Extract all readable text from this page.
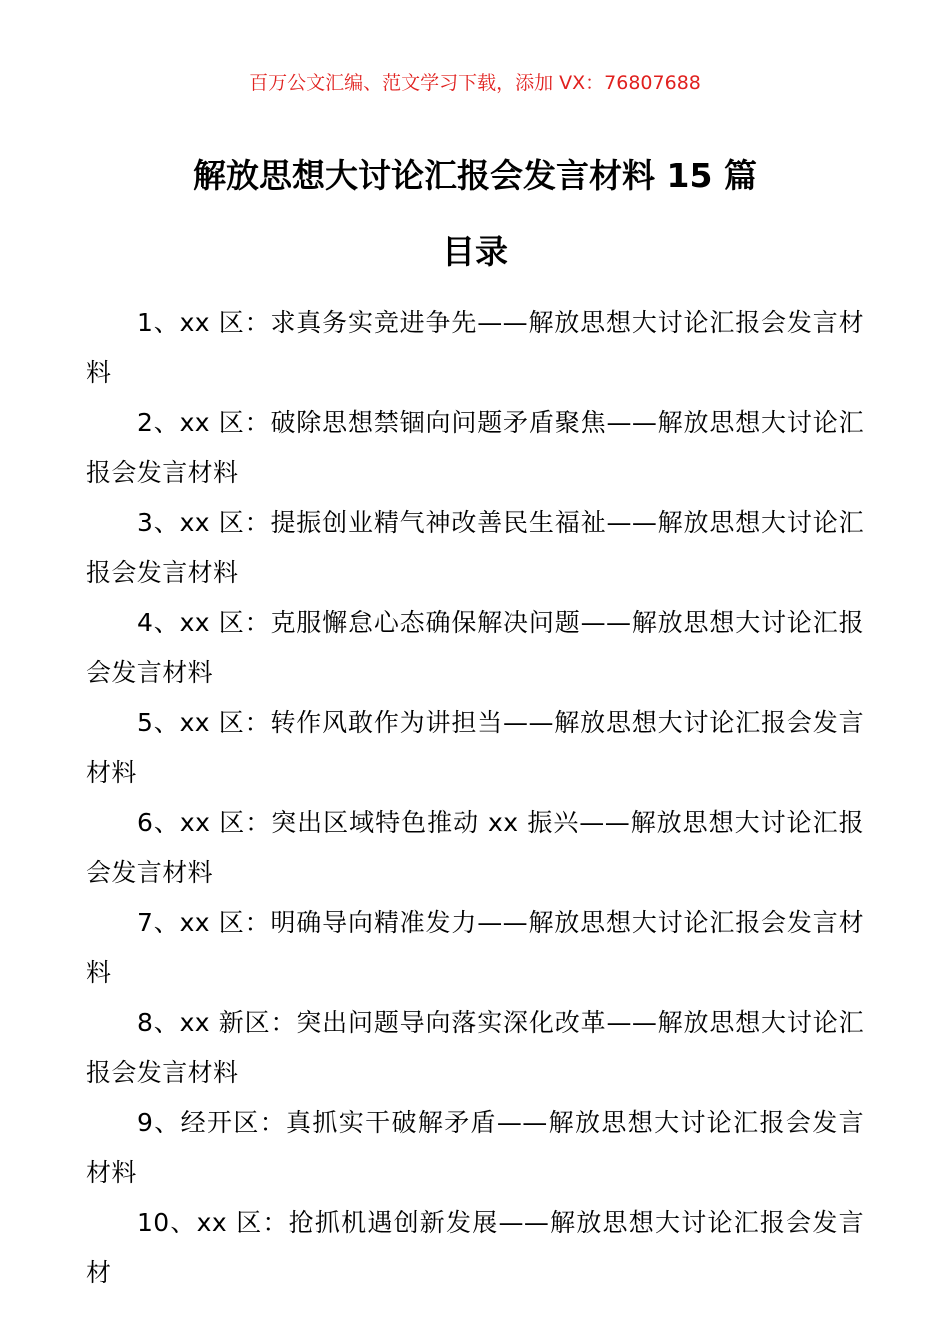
百万公文汇编、范文学习下载，添加 VX：76807688
解放思想大讨论汇报会发言材料 15 篇
目录

1、xx 区：求真务实竞进争先——解放思想大讨论汇报会发言材料

2、xx 区：破除思想禁锢向问题矛盾聚焦——解放思想大讨论汇报会发言材料

3、xx 区：提振创业精气神改善民生福祉——解放思想大讨论汇报会发言材料

4、xx 区：克服懈怠心态确保解决问题——解放思想大讨论汇报会发言材料

5、xx 区：转作风敢作为讲担当——解放思想大讨论汇报会发言材料

6、xx 区：突出区域特色推动 xx 振兴——解放思想大讨论汇报会发言材料

7、xx 区：明确导向精准发力——解放思想大讨论汇报会发言材料

8、xx 新区：突出问题导向落实深化改革——解放思想大讨论汇报会发言材料

9、经开区：真抓实干破解矛盾——解放思想大讨论汇报会发言材料

10、xx 区：抢抓机遇创新发展——解放思想大讨论汇报会发言材
